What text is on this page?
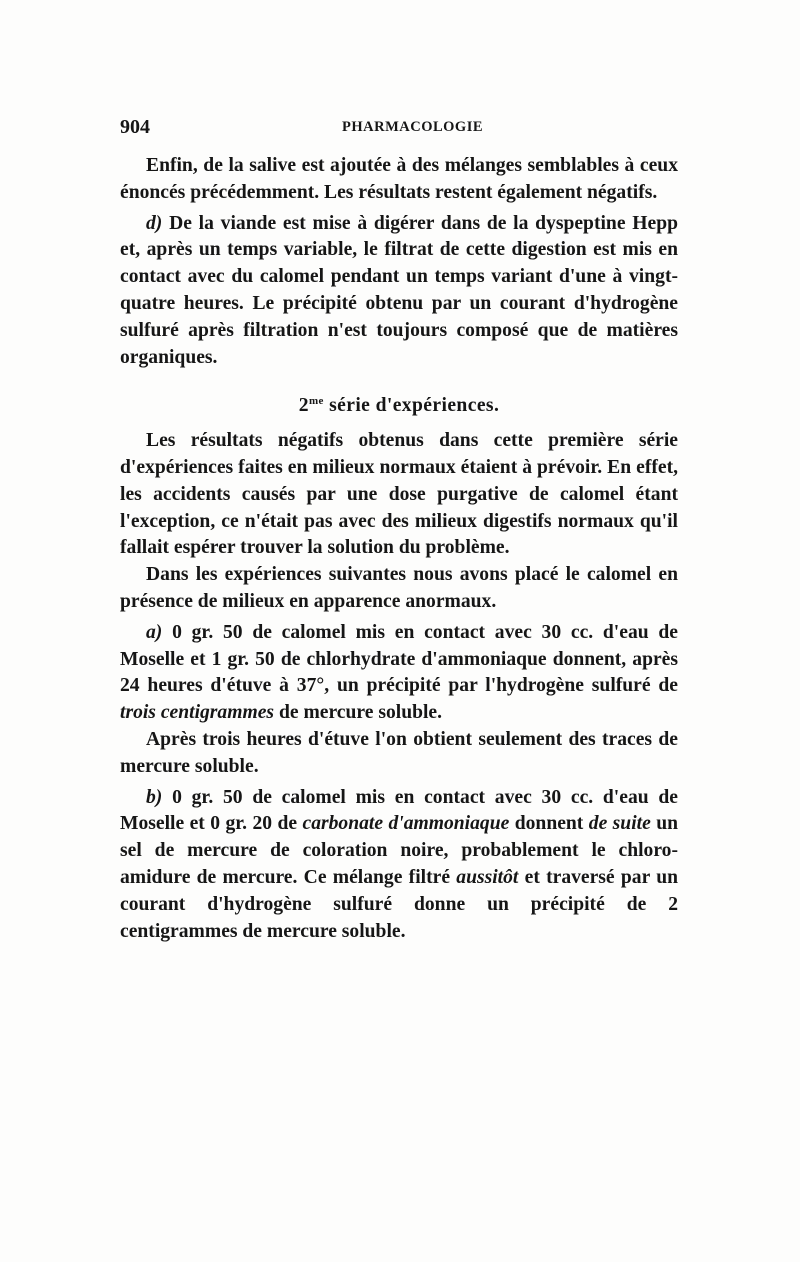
904	PHARMACOLOGIE

Enfin, de la salive est ajoutée à des mélanges semblables à ceux énoncés précédemment. Les résultats restent également négatifs.

d) De la viande est mise à digérer dans de la dyspeptine Hepp et, après un temps variable, le filtrat de cette digestion est mis en contact avec du calomel pendant un temps variant d'une à vingt-quatre heures. Le précipité obtenu par un courant d'hydrogène sulfuré après filtration n'est toujours composé que de matières organiques.

$2^{me}$ série d'expériences.

Les résultats négatifs obtenus dans cette première série d'expériences faites en milieux normaux étaient à prévoir. En effet, les accidents causés par une dose purgative de calomel étant l'exception, ce n'était pas avec des milieux digestifs normaux qu'il fallait espérer trouver la solution du problème.

Dans les expériences suivantes nous avons placé le calomel en présence de milieux en apparence anormaux.

a) 0 gr. 50 de calomel mis en contact avec 30 cc. d'eau de Moselle et 1 gr. 50 de chlorhydrate d'ammoniaque donnent, après 24 heures d'étuve à 37°, un précipité par l'hydrogène sulfuré de trois centigrammes de mercure soluble.

Après trois heures d'étuve l'on obtient seulement des traces de mercure soluble.

b) 0 gr. 50 de calomel mis en contact avec 30 cc. d'eau de Moselle et 0 gr. 20 de carbonate d'ammoniaque donnent de suite un sel de mercure de coloration noire, probablement le chloro-amidure de mercure. Ce mélange filtré aussitôt et traversé par un courant d'hydrogène sulfuré donne un précipité de 2 centigrammes de mercure soluble.
